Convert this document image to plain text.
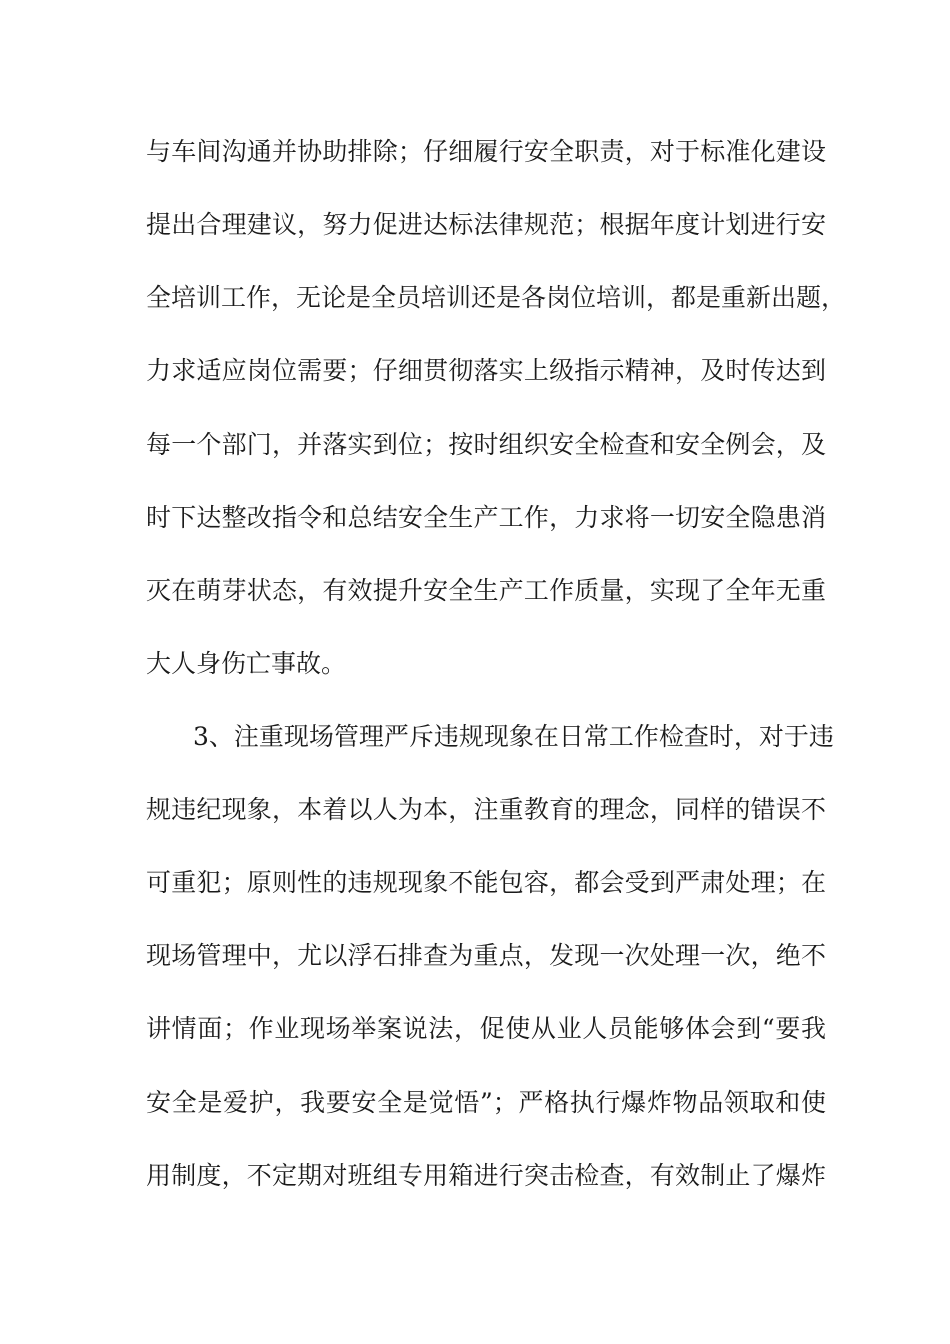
与车间沟通并协助排除；仔细履行安全职责，对于标准化建设
提出合理建议，努力促进达标法律规范；根据年度计划进行安
全培训工作，无论是全员培训还是各岗位培训，都是重新出题，
力求适应岗位需要；仔细贯彻落实上级指示精神，及时传达到
每一个部门，并落实到位；按时组织安全检查和安全例会，及
时下达整改指令和总结安全生产工作，力求将一切安全隐患消
灭在萌芽状态，有效提升安全生产工作质量，实现了全年无重
大人身伤亡事故。
3、注重现场管理严斥违规现象在日常工作检查时，对于违
规违纪现象，本着以人为本，注重教育的理念，同样的错误不
可重犯；原则性的违规现象不能包容，都会受到严肃处理；在
现场管理中，尤以浮石排查为重点，发现一次处理一次，绝不
讲情面；作业现场举案说法，促使从业人员能够体会到“要我
安全是爱护，我要安全是觉悟”；严格执行爆炸物品领取和使
用制度，不定期对班组专用箱进行突击检查，有效制止了爆炸
